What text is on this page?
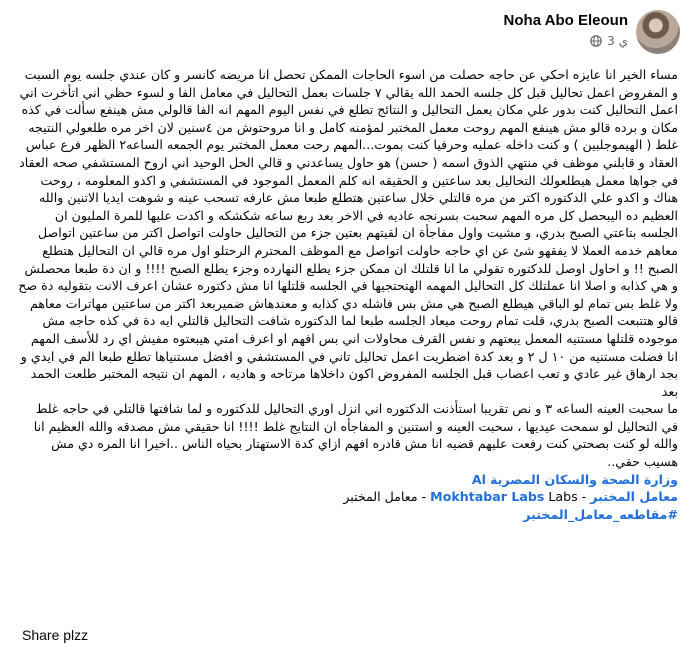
Noha Abo Eleoun
3 ي

مساء الخير انا عايزه احكي عن حاجه حصلت من اسوء الحاجات الممكن تحصل انا مريضه كانسر و كان عندي جلسه يوم السبت و المفروض اعمل تحاليل قبل كل جلسه الحمد الله يقالي ٧ جلسات بعمل التحاليل في معامل الفا و لسوء حظي اني اتأخرت اني اعمل التحاليل كنت بدور علي مكان يعمل التحاليل و النتائج تطلع في نفس اليوم المهم انه الفا قالولي مش هينفع سألت في كذه مكان و برده قالو مش هينفع المهم روحت معمل المختبر لمؤمنه كامل و انا مروحتوش من ٤سنين لان اخر مره طلعولي النتيجه غلط ( الهيموجلبين ) و كنت داخله عمليه وحرفيا كنت بموت...المهم رحت معمل المختبر يوم الجمعه الساعه٢ الظهر فرع عباس العقاد و قابلني موظف في منتهي الذوق اسمه ( حسن) هو حاول يساعدني و قالي الحل الوحيد اني اروح المستشفي صحه العقاد في جواها معمل هيطلعولك التحاليل بعد ساعتين و الحقيقه انه كلم المعمل الموجود في المستشفي و اكدو المعلومه ، روحت هناك و اكدو علي الدكتوره اكتر من مره قالتلي خلال ساعتين هتطلع طبعا مش عارفه تسحب عينه و شوهت ايديا الاتنين والله العظيم ده اليبحصل كل مره المهم سحبت بسرنجه عاديه في الاخر بعد ربع ساعه شكشكه و اكدت عليها للمرة المليون ان الجلسه بتاعتي الصبح بدري، و مشيت واول مفاجأة ان لقيتهم بعتين جزء من التحاليل حاولت اتواصل اكتر من ساعتين اتواصل معاهم خدمه العملا لا يفقهو شئ عن اي حاجه حاولت اتواصل مع الموظف المحترم الرحتلو اول مره قالي ان التحاليل هتطلع الصبح !! و احاول اوصل للدكتوره تقولي ما انا قلتلك ان ممكن جزء يطلع النهارده وجزء يطلع الصبح !!!! و ان دة طبعا محصلش و هي كذابه و اصلا انا عملتلك كل التحاليل المهمه الهتحتجيها في الجلسه قلتلها انا مش دكتوره عشان اعرف الانت بتقوليه دة صح ولا غلط بس تمام لو الباقي هيطلع الصبح هي مش بس فاشله دي كذابه و معندهاش ضميربعد اكتر من ساعتين مهاترات معاهم قالو هتتبعت الصبح بدري، قلت تمام روحت ميعاد الجلسه طبعا لما الدكتوره شافت التحاليل قالتلي ايه دة في كذه حاجه مش موجوده قلتلها مستنيه المعمل يبعتهم و نفس القرف محاولات اني بس افهم او اعرف امتي هيبعتوه مفيش اي رد للأسف المهم انا فضلت مستنيه من ١٠ ل ٢ و بعد كدة اضطريت اعمل تحاليل تاني في المستشفي و افضل مستنياها تطلع طبعا الم في ايدي و بجد ارهاق غير عادي و تعب اعصاب قبل الجلسه المفروض اكون داخلاها مرتاحه و هاديه ، المهم ان نتيجه المختبر طلعت الحمد بعد

ما سحبت العينه الساعه ٣ و نص تقريبا استأذنت الدكتوره اني انزل اوري التحاليل للدكتوره و لما شافتها قالتلي في حاجه غلط في التحاليل لو سمحت عيديها ، سحبت العينه و استنين و المفاجأه ان النتايج غلط !!!! انا حقيقي مش مصدقه والله العظيم انا والله لو كنت بصحتي كنت رفعت عليهم قضيه انا مش قادره افهم ازاي كدة الاستهتار بحياه الناس ..اخيرا انا المره دي مش هسيب حقي..

وزارة الصحة والسكان المصرية Al
معامل المختبر - Mokhtabar Labs Labs - معامل المختبر
#مقاطعه_معامل_المختبر
Share plzz
